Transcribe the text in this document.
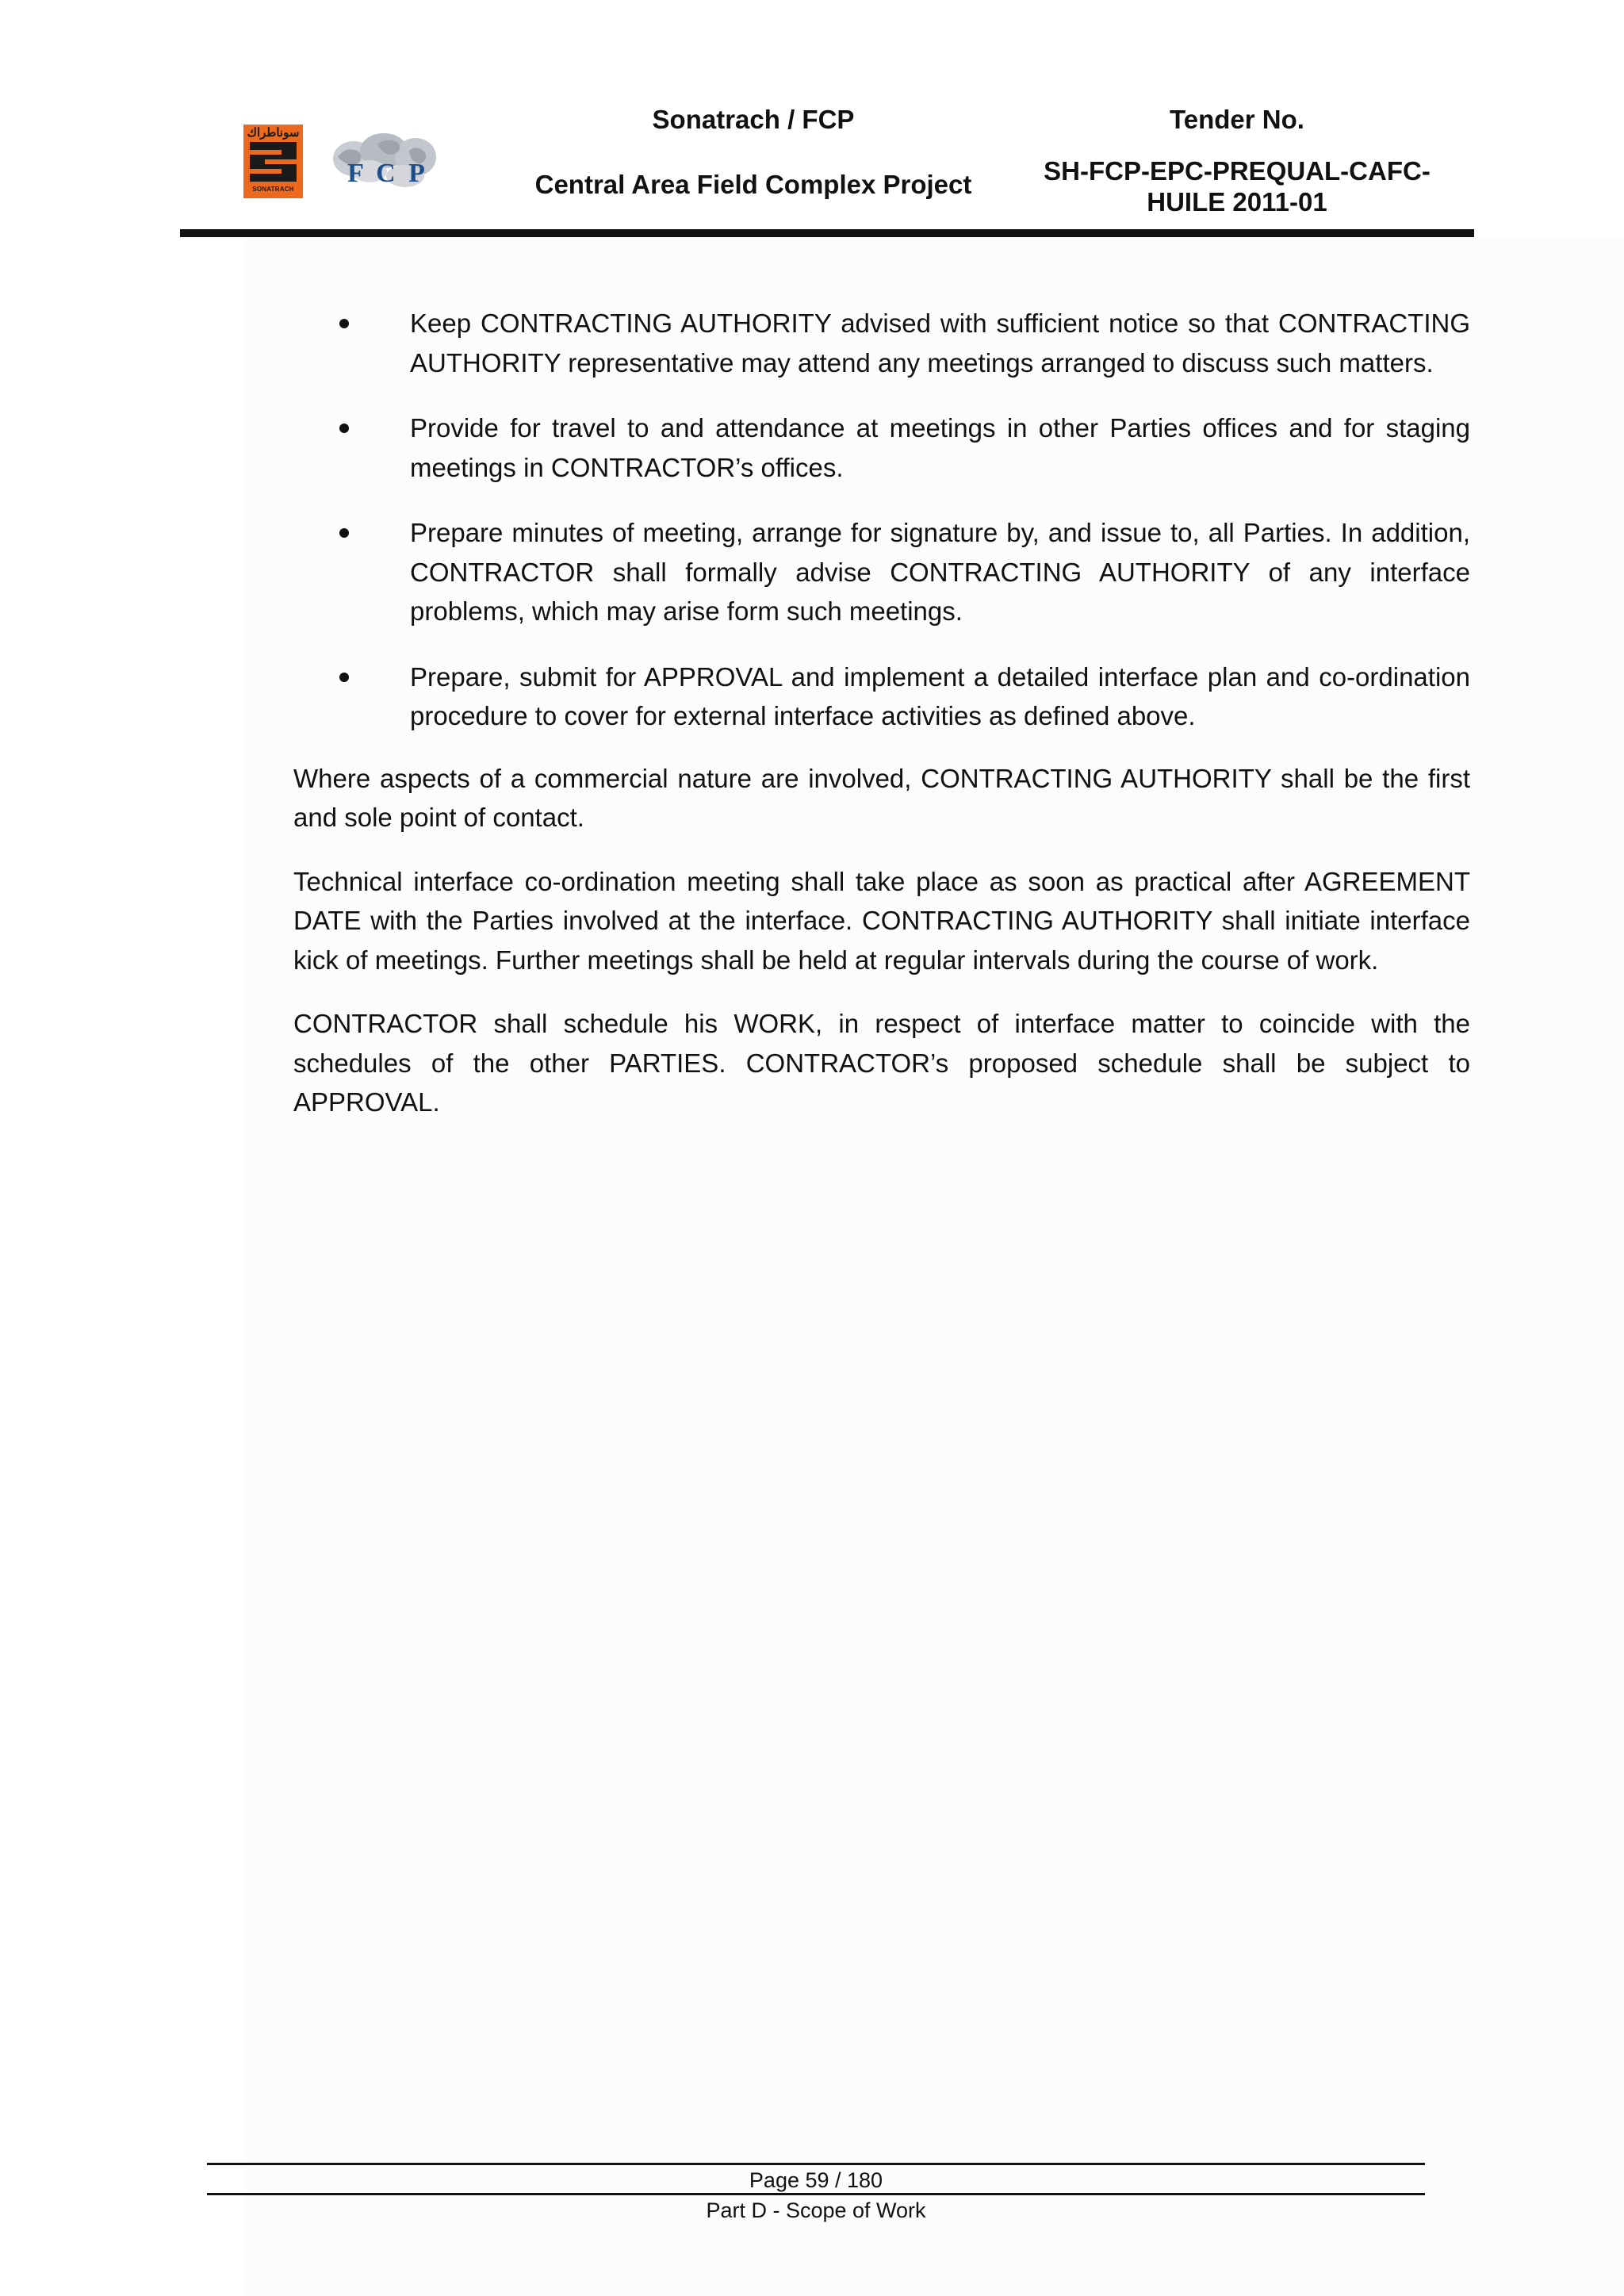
سوناطراك
SONATRACH
F C P
Sonatrach / FCP
Central Area Field Complex Project
Tender No.
SH-FCP-EPC-PREQUAL-CAFC-
HUILE 2011-01
Keep CONTRACTING AUTHORITY advised with sufficient notice so that CONTRACTING AUTHORITY representative may attend any meetings arranged to discuss such matters.
Provide for travel to and attendance at meetings in other Parties offices and for staging meetings in CONTRACTOR’s offices.
Prepare minutes of meeting, arrange for signature by, and issue to, all Parties. In addition, CONTRACTOR shall formally advise CONTRACTING AUTHORITY of any interface problems, which may arise form such meetings.
Prepare, submit for APPROVAL and implement a detailed interface plan and co-ordination procedure to cover for external interface activities as defined above.

Where aspects of a commercial nature are involved, CONTRACTING AUTHORITY shall be the first and sole point of contact.

Technical interface co-ordination meeting shall take place as soon as practical after AGREEMENT DATE with the Parties involved at the interface. CONTRACTING AUTHORITY shall initiate interface kick of meetings. Further meetings shall be held at regular intervals during the course of work.

CONTRACTOR shall schedule his WORK, in respect of interface matter to coincide with the schedules of the other PARTIES. CONTRACTOR’s proposed schedule shall be subject to APPROVAL.

Page 59 / 180
Part D - Scope of Work
